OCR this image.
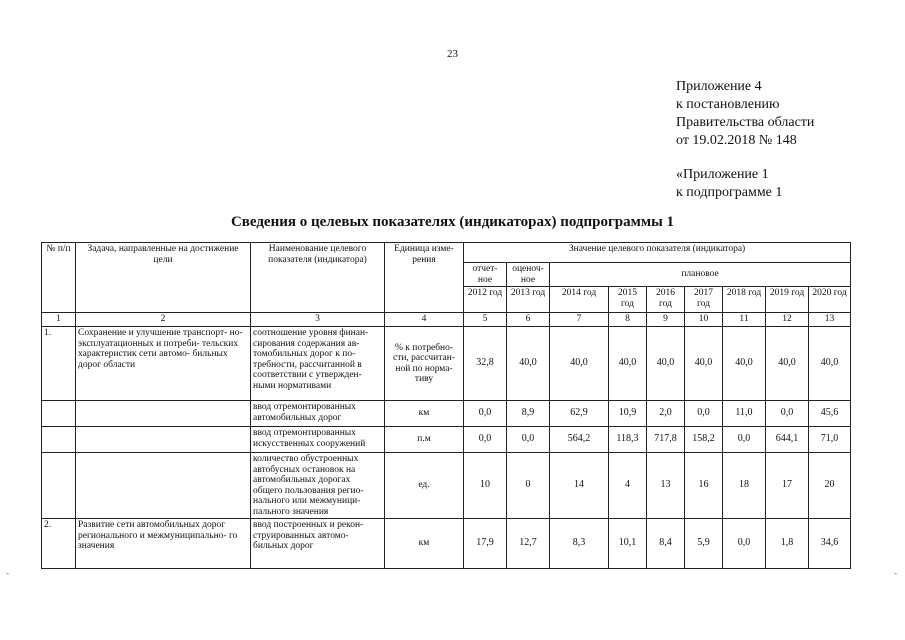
23
Приложение 4
к постановлению
Правительства области
от 19.02.2018 № 148
«Приложение 1
к подпрограмме 1
Сведения о целевых показателях (индикаторах) подпрограммы 1
№ п/п	Задача, направленные на достижение цели	Наименование целевого показателя (индикатора)	Единица изме- рения	Значение целевого показателя (индикатора)								
				отчет- ное	оценоч- ное	плановое						
				2012 год	2013 год	2014 год	2015 год	2016 год	2017 год	2018 год	2019 год	2020 год
1	2	3	4	5	6	7	8	9	10	11	12	13
1.	Сохранение и улучшение транспорт- но-эксплуатационных и потреби- тельских характеристик сети автомо- бильных дорог области	соотношение уровня финан- сирования содержания ав- томобильных дорог к по- требности, рассчитанной в соответствии с утвержден- ными нормативами	% к потребно- сти, рассчитан- ной по норма- тиву	32,8	40,0	40,0	40,0	40,0	40,0	40,0	40,0	40,0
		ввод отремонтированных автомобильных дорог	км	0,0	8,9	62,9	10,9	2,0	0,0	11,0	0,0	45,6
		ввод отремонтированных искусственных сооружений	п.м	0,0	0,0	564,2	118,3	717,8	158,2	0,0	644,1	71,0
		количество обустроенных автобусных остановок на автомобильных дорогах общего пользования регио- нального или межмуници- пального значения	ед.	10	0	14	4	13	16	18	17	20
2.	Развитие сети автомобильных дорог регионального и межмуниципально- го значения	ввод построенных и рекон- струированных автомо- бильных дорог	км	17,9	12,7	8,3	10,1	8,4	5,9	0,0	1,8	34,6
-	-
